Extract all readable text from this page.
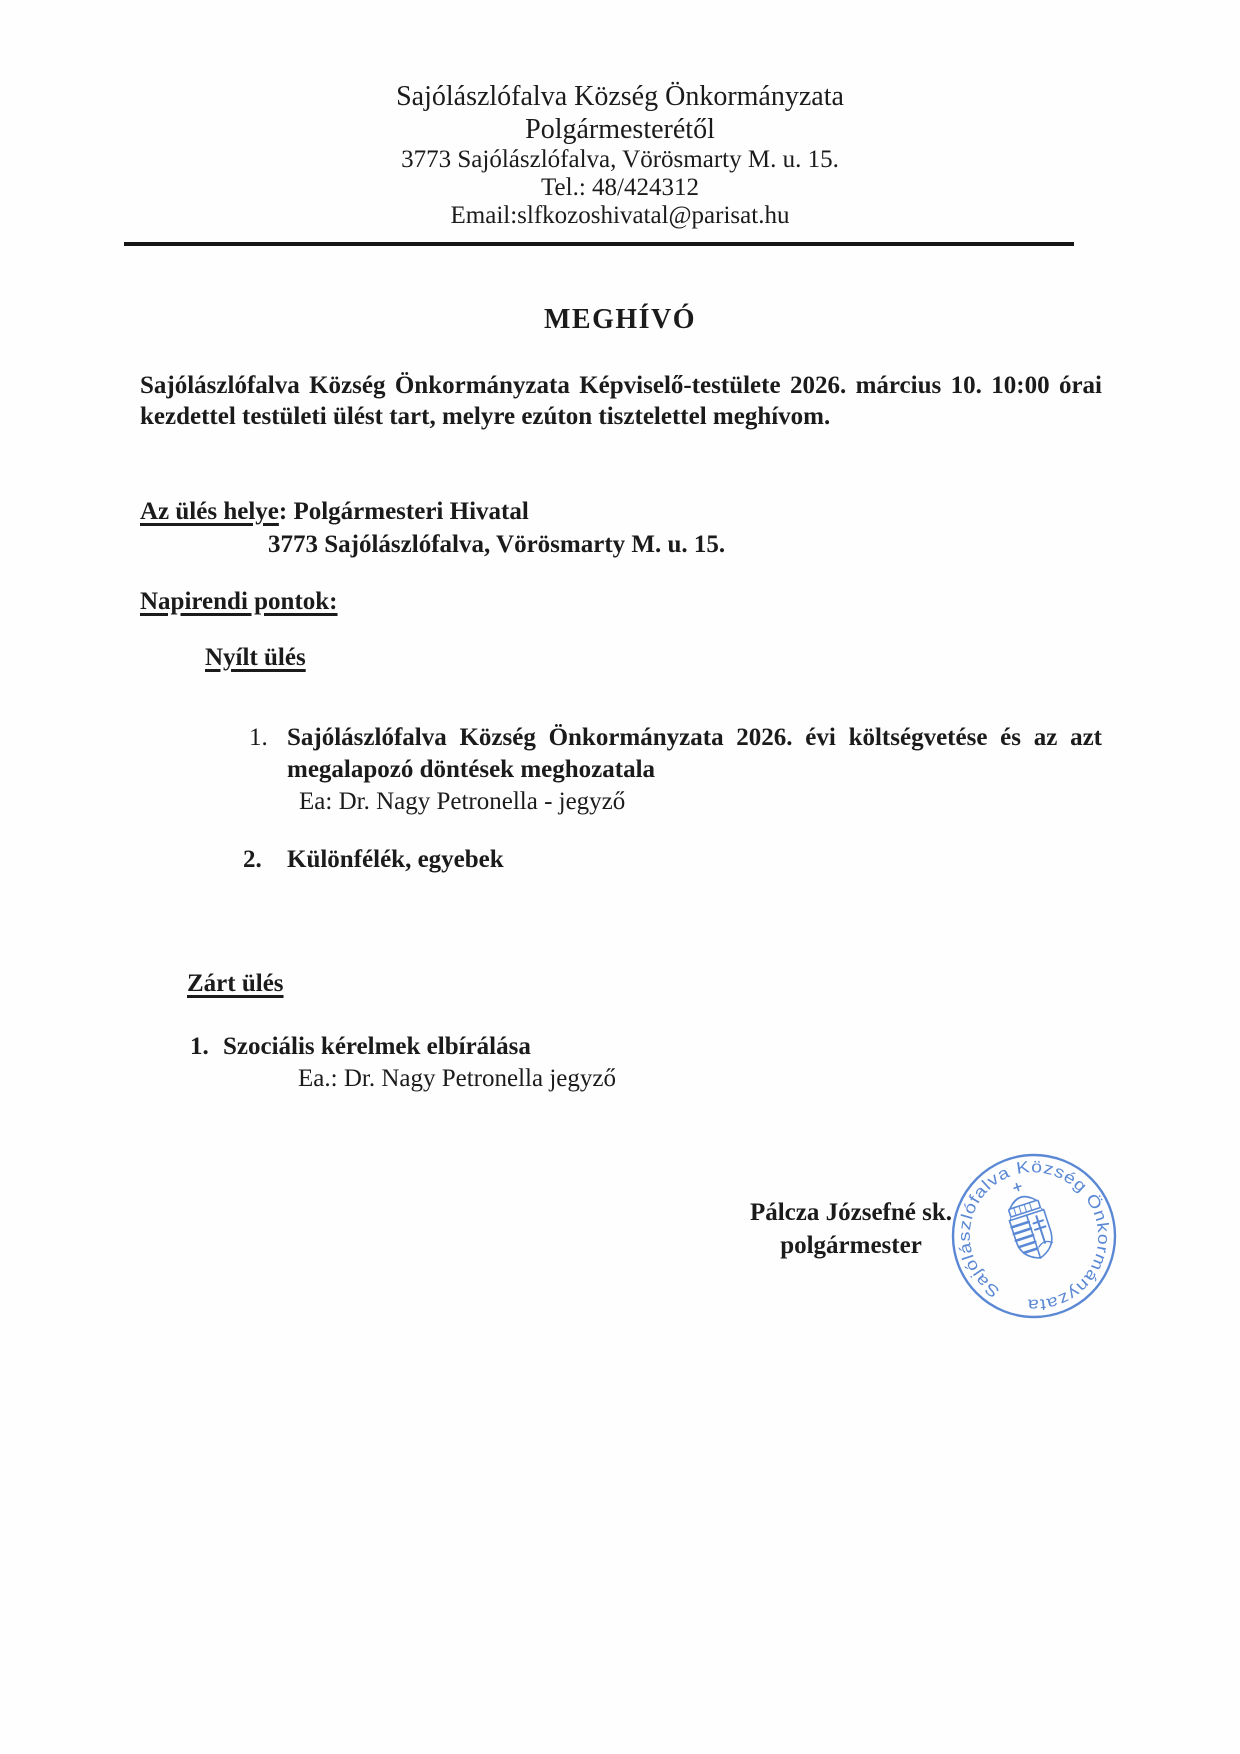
Sajólászlófalva Község Önkormányzata
Polgármesterétől
3773 Sajólászlófalva, Vörösmarty M. u. 15.
Tel.: 48/424312
Email:slfkozoshivatal@parisat.hu
MEGHÍVÓ
Sajólászlófalva Község Önkormányzata Képviselő-testülete 2026. március 10. 10:00 órai kezdettel testületi ülést tart, melyre ezúton tisztelettel meghívom.
Az ülés helye: Polgármesteri Hivatal
3773 Sajólászlófalva, Vörösmarty M. u. 15.
Napirendi pontok:
Nyílt ülés
1. Sajólászlófalva Község Önkormányzata 2026. évi költségvetése és az azt megalapozó döntések meghozatala
Ea: Dr. Nagy Petronella - jegyző
2.	Különfélék, egyebek
Zárt ülés
1. Szociális kérelmek elbírálása
Ea.: Dr. Nagy Petronella jegyző
Pálcza Józsefné sk.
polgármester
Sajólászlófalva Község Önkormányzata
